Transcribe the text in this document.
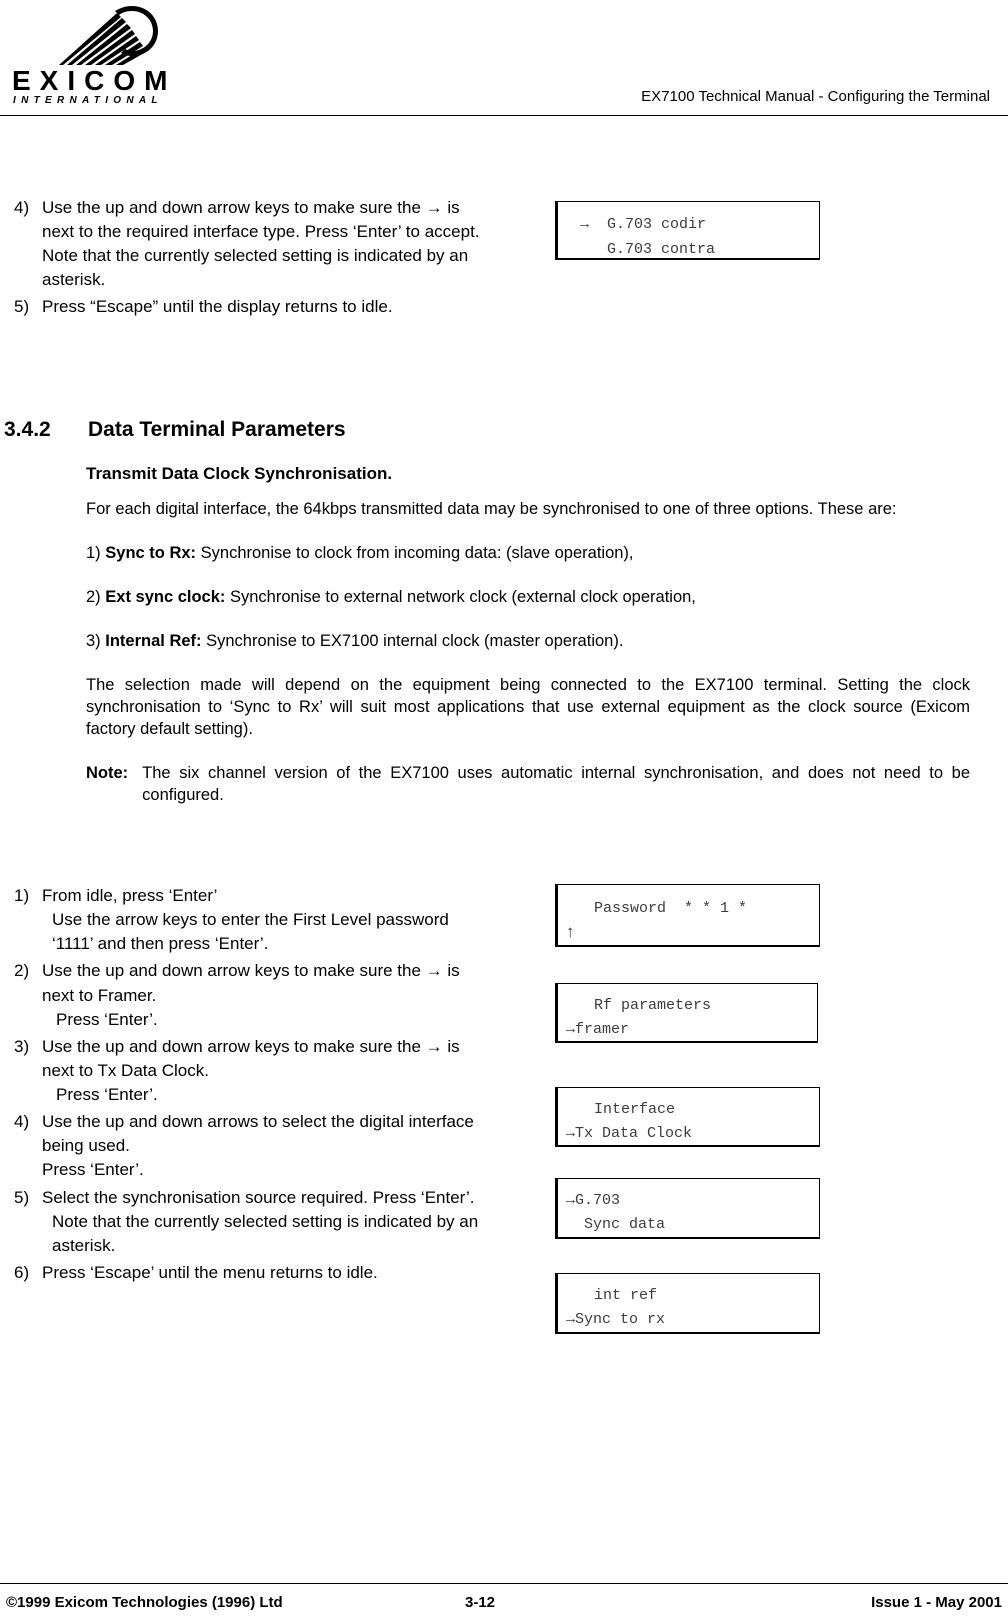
EXICOM
INTERNATIONAL	EX7100 Technical Manual - Configuring the Terminal
4) Use the up and down arrow keys to make sure the → is next to the required interface type. Press ‘Enter’ to accept. Note that the currently selected setting is indicated by an asterisk.
5) Press “Escape” until the display returns to idle.
→  G.703 codir
G.703 contra
3.4.2 Data Terminal Parameters
Transmit Data Clock Synchronisation.

For each digital interface, the 64kbps transmitted data may be synchronised to one of three options. These are:

1) Sync to Rx: Synchronise to clock from incoming data: (slave operation),

2) Ext sync clock: Synchronise to external network clock (external clock operation,

3) Internal Ref: Synchronise to EX7100 internal clock (master operation).

The selection made will depend on the equipment being connected to the EX7100 terminal. Setting the clock synchronisation to ‘Sync to Rx’ will suit most applications that use external equipment as the clock source (Exicom factory default setting).

Note: The six channel version of the EX7100 uses automatic internal synchronisation, and does not need to be configured.
1) From idle, press ‘Enter’
Use the arrow keys to enter the First Level password ‘1111’ and then press ‘Enter’.
2) Use the up and down arrow keys to make sure the → is next to Framer.
Press ‘Enter’.
3) Use the up and down arrow keys to make sure the → is next to Tx Data Clock.
Press ‘Enter’.
4) Use the up and down arrows to select the digital interface being used.
Press ‘Enter’.
5) Select the synchronisation source required. Press ‘Enter’.
Note that the currently selected setting is indicated by an asterisk.
6) Press ‘Escape’ until the menu returns to idle.
Password  * * 1 *
↑
Rf parameters
→framer
Interface
→Tx Data Clock
→G.703
Sync data
int ref
→Sync to rx
©1999 Exicom Technologies (1996) Ltd	3-12	Issue 1 - May 2001
